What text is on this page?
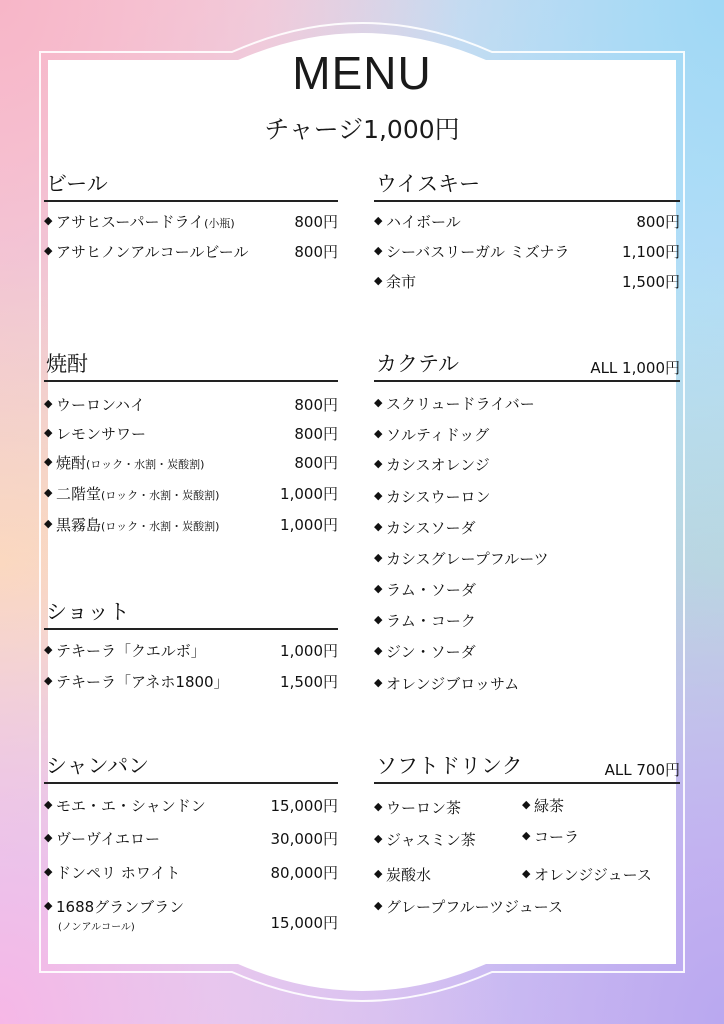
MENU
チャージ1,000円
ビール
◆ アサヒスーパードライ(小瓶)	800円
◆ アサヒノンアルコールビール	800円
ウイスキー
◆ ハイボール	800円
◆ シーバスリーガル ミズナラ	1,100円
◆ 余市	1,500円
焼酎
◆ ウーロンハイ	800円
◆ レモンサワー	800円
◆ 焼酎(ロック・水割・炭酸割)	800円
◆ 二階堂(ロック・水割・炭酸割)	1,000円
◆ 黒霧島(ロック・水割・炭酸割)	1,000円
カクテル	ALL 1,000円
◆ スクリュードライバー
◆ ソルティドッグ
◆ カシスオレンジ
◆ カシスウーロン
◆ カシスソーダ
◆ カシスグレープフルーツ
◆ ラム・ソーダ
◆ ラム・コーク
◆ ジン・ソーダ
◆ オレンジブロッサム
ショット
◆ テキーラ「クエルボ」	1,000円
◆ テキーラ「アネホ1800」	1,500円
シャンパン
◆ モエ・エ・シャンドン	15,000円
◆ ヴーヴイエロー	30,000円
◆ ドンペリ ホワイト	80,000円
◆ 1688グランブラン
(ノンアルコール)	15,000円
ソフトドリンク	ALL 700円
◆ ウーロン茶	◆ 緑茶
◆ ジャスミン茶	◆ コーラ
◆ 炭酸水	◆ オレンジジュース
◆ グレープフルーツジュース
